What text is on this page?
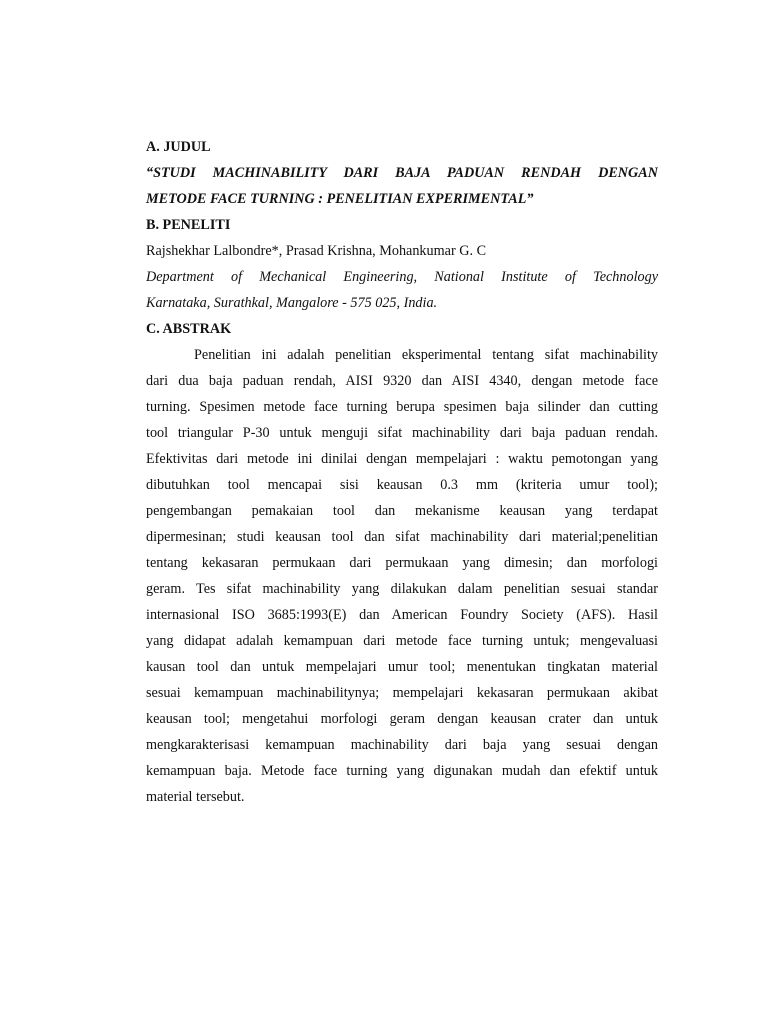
A. JUDUL
“STUDI MACHINABILITY DARI BAJA PADUAN RENDAH DENGAN
METODE FACE TURNING : PENELITIAN EXPERIMENTAL”
B. PENELITI
Rajshekhar Lalbondre*, Prasad Krishna, Mohankumar G. C
Department of Mechanical Engineering, National Institute of Technology
Karnataka, Surathkal, Mangalore - 575 025, India.
C. ABSTRAK
Penelitian ini adalah penelitian eksperimental tentang sifat machinability
dari dua baja paduan rendah, AISI 9320 dan AISI 4340, dengan metode face
turning. Spesimen metode face turning berupa spesimen baja silinder dan cutting
tool triangular P-30 untuk menguji sifat machinability dari baja paduan rendah.
Efektivitas dari metode ini dinilai dengan mempelajari : waktu pemotongan yang
dibutuhkan tool mencapai sisi keausan 0.3 mm (kriteria umur tool);
pengembangan pemakaian tool dan mekanisme keausan yang terdapat
dipermesinan; studi keausan tool dan sifat machinability dari material;penelitian
tentang kekasaran permukaan dari permukaan yang dimesin; dan morfologi
geram. Tes sifat machinability yang dilakukan dalam penelitian sesuai standar
internasional ISO 3685:1993(E) dan American Foundry Society (AFS). Hasil
yang didapat adalah kemampuan dari metode face turning untuk; mengevaluasi
kausan tool dan untuk mempelajari umur tool; menentukan tingkatan material
sesuai kemampuan machinabilitynya; mempelajari kekasaran permukaan akibat
keausan tool; mengetahui morfologi geram dengan keausan crater dan untuk
mengkarakterisasi kemampuan machinability dari baja yang sesuai dengan
kemampuan baja. Metode face turning yang digunakan mudah dan efektif untuk
material tersebut.
